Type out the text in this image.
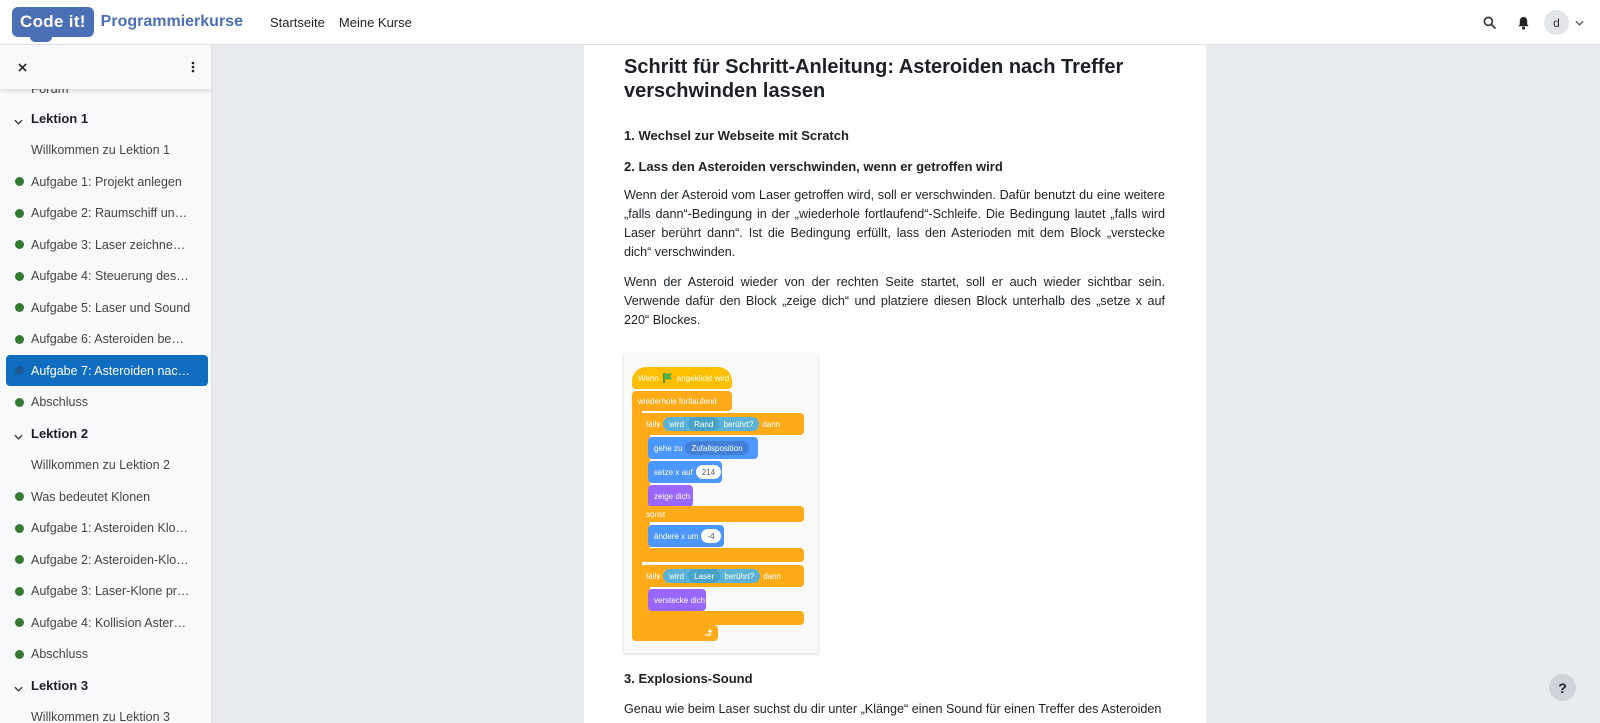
Code it! Programmierkurse Startseite Meine Kurse	d
Lektion 1
Willkommen zu Lektion 1
Aufgabe 1: Projekt anlegen
Aufgabe 2: Raumschiff un…
Aufgabe 3: Laser zeichne…
Aufgabe 4: Steuerung des…
Aufgabe 5: Laser und Sound
Aufgabe 6: Asteroiden be…
Aufgabe 7: Asteroiden nac…
Abschluss
Lektion 2
Willkommen zu Lektion 2
Was bedeutet Klonen
Aufgabe 1: Asteroiden Klo…
Aufgabe 2: Asteroiden-Klo…
Aufgabe 3: Laser-Klone pr…
Aufgabe 4: Kollision Aster…
Abschluss
Lektion 3
Willkommen zu Lektion 3
Schritt für Schritt-Anleitung: Asteroiden nach Treffer verschwinden lassen
1. Wechsel zur Webseite mit Scratch
2. Lass den Asteroiden verschwinden, wenn er getroffen wird
Wenn der Asteroid vom Laser getroffen wird, soll er verschwinden. Dafür benutzt du eine weitere „falls dann“-Bedingung in der „wiederhole fortlaufend“-Schleife. Die Bedingung lautet „falls wird Laser berührt dann“. Ist die Bedingung erfüllt, lass den Asterioden mit dem Block „verstecke dich“ verschwinden.
Wenn der Asteroid wieder von der rechten Seite startet, soll er auch wieder sichtbar sein. Verwende dafür den Block „zeige dich“ und platziere diesen Block unterhalb des „setze x auf 220“ Blockes.
Wenn angeklickt wird
wiederhole fortlaufend
falls wird
	Rand
	berührt? dann
gehe zu	Zufallsposition
setze x auf	214
zeige dich
sonst
ändere x um	-4
falls wird
	Laser
	berührt? dann
verstecke dich
3. Explosions-Sound
Genau wie beim Laser suchst du dir unter „Klänge“ einen Sound für einen Treffer des Asteroiden
?
